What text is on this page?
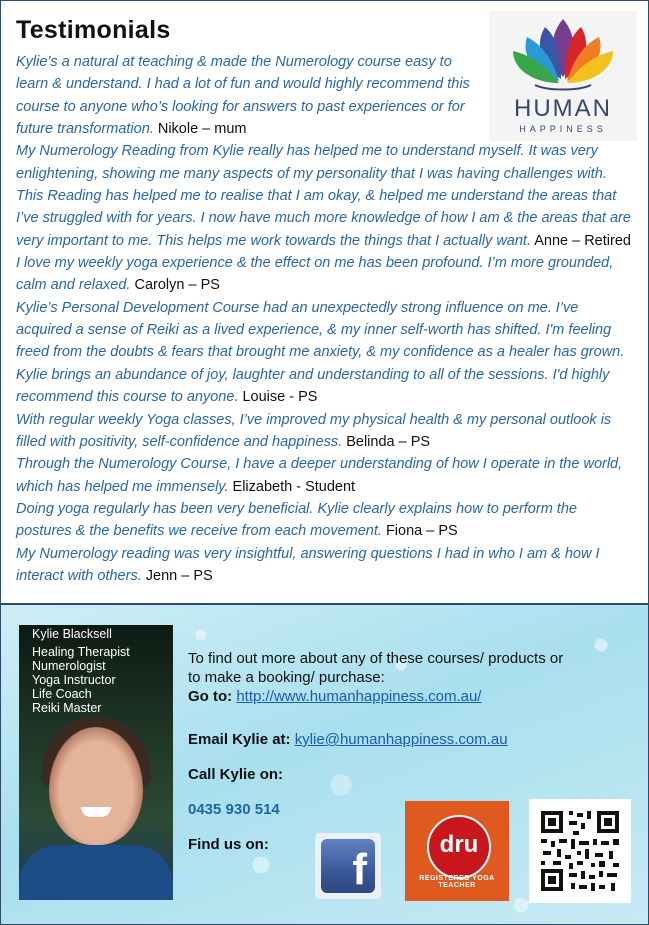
Testimonials
HUMAN
HAPPINESS

Kylie’s a natural at teaching & made the Numerology course easy to learn & understand. I had a lot of fun and would highly recommend this course to anyone who’s looking for answers to past experiences or for future transformation. Nikole – mum

My Numerology Reading from Kylie really has helped me to understand myself. It was very enlightening, showing me many aspects of my personality that I was having challenges with. This Reading has helped me to realise that I am okay, & helped me understand the areas that I’ve struggled with for years. I now have much more knowledge of how I am & the areas that are very important to me. This helps me work towards the things that I actually want. Anne – Retired

I love my weekly yoga experience & the effect on me has been profound. I’m more grounded, calm and relaxed. Carolyn – PS

Kylie’s Personal Development Course had an unexpectedly strong influence on me. I’ve acquired a sense of Reiki as a lived experience, & my inner self-worth has shifted. I'm feeling freed from the doubts & fears that brought me anxiety, & my confidence as a healer has grown. Kylie brings an abundance of joy, laughter and understanding to all of the sessions. I'd highly recommend this course to anyone. Louise - PS

With regular weekly Yoga classes, I’ve improved my physical health & my personal outlook is filled with positivity, self-confidence and happiness. Belinda – PS

Through the Numerology Course, I have a deeper understanding of how I operate in the world, which has helped me immensely. Elizabeth - Student

Doing yoga regularly has been very beneficial. Kylie clearly explains how to perform the postures & the benefits we receive from each movement. Fiona – PS

My Numerology reading was very insightful, answering questions I had in who I am & how I interact with others. Jenn – PS

Kylie Blacksell
Healing Therapist
Numerologist
Yoga Instructor
Life Coach
Reiki Master
To find out more about any of these courses/ products or
to make a booking/ purchase:
Go to: http://www.humanhappiness.com.au/
Email Kylie at: kylie@humanhappiness.com.au
Call Kylie on:
0435 930 514
Find us on:
f
dru
REGISTERED YOGA TEACHER
